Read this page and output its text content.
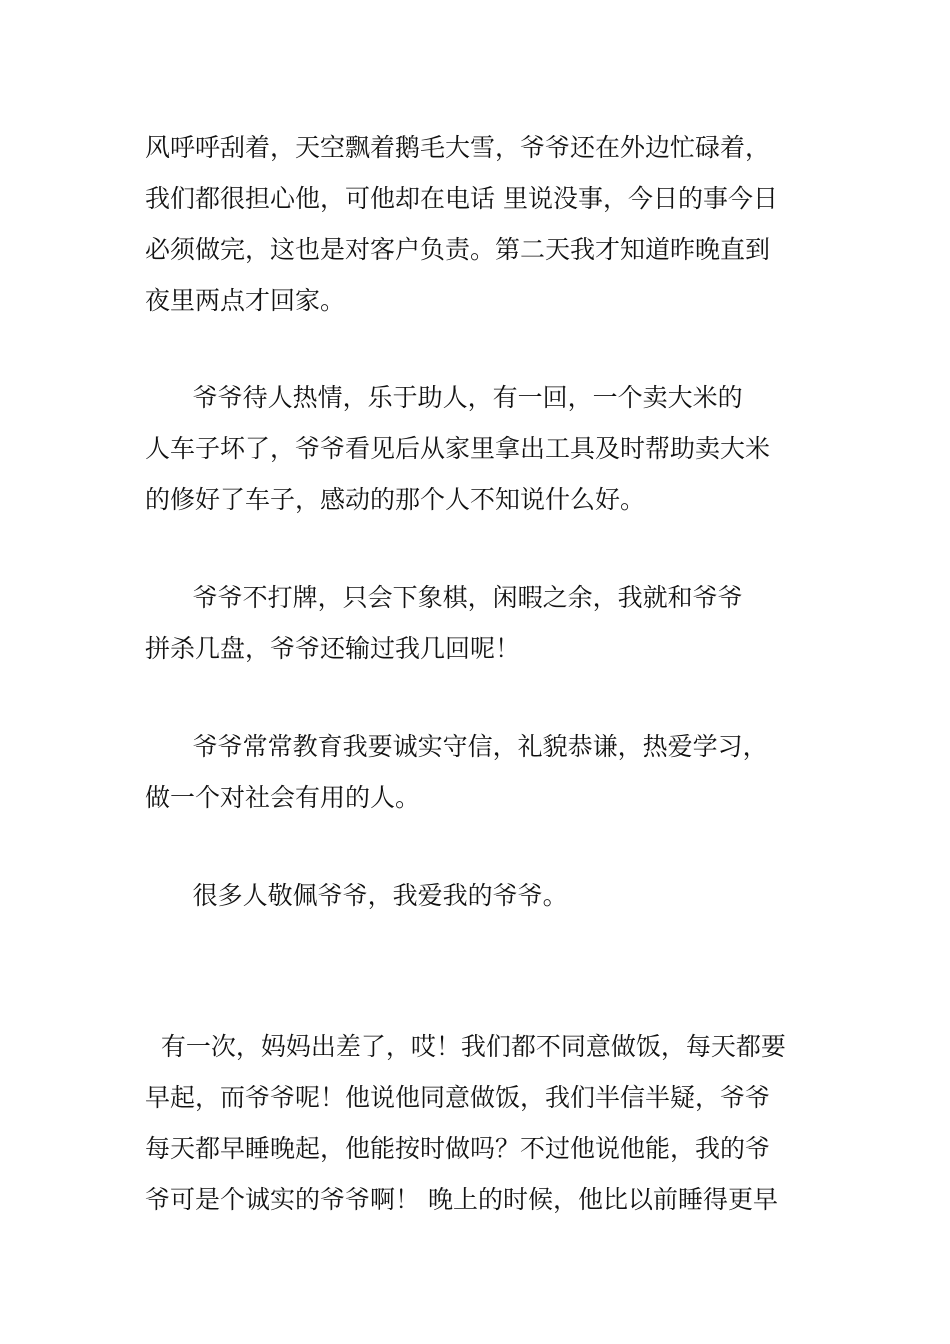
风呼呼刮着，天空飘着鹅毛大雪，爷爷还在外边忙碌着，

我们都很担心他，可他却在电话 里说没事，今日的事今日

必须做完，这也是对客户负责。第二天我才知道昨晚直到

夜里两点才回家。

爷爷待人热情，乐于助人，有一回，一个卖大米的

人车子坏了，爷爷看见后从家里拿出工具及时帮助卖大米

的修好了车子，感动的那个人不知说什么好。

爷爷不打牌，只会下象棋，闲暇之余，我就和爷爷

拼杀几盘，爷爷还输过我几回呢！

爷爷常常教育我要诚实守信，礼貌恭谦，热爱学习，

做一个对社会有用的人。

很多人敬佩爷爷，我爱我的爷爷。

有一次，妈妈出差了，哎！我们都不同意做饭，每天都要

早起，而爷爷呢！他说他同意做饭，我们半信半疑，爷爷

每天都早睡晚起，他能按时做吗？不过他说他能，我的爷

爷可是个诚实的爷爷啊！ 晚上的时候，他比以前睡得更早
